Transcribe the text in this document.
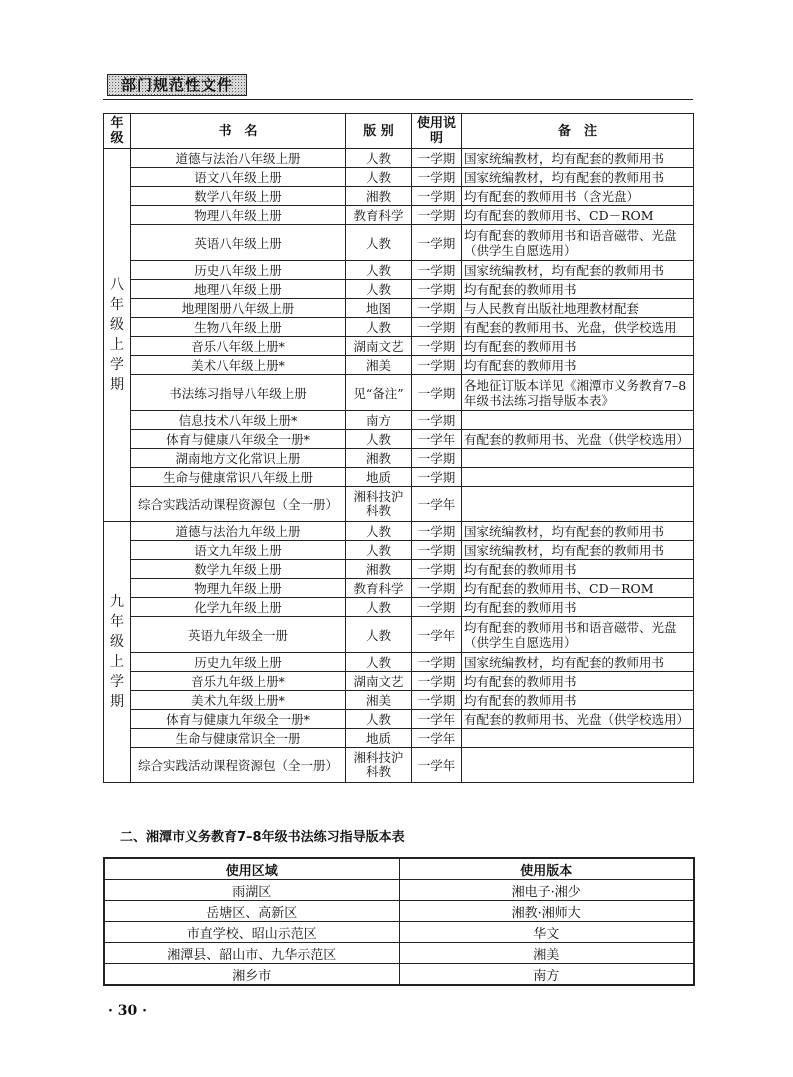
部门规范性文件
年级	书　名	版 别	使用说明	备　注
八年级上学期	道德与法治八年级上册	人教	一学期	国家统编教材，均有配套的教师用书
	语文八年级上册	人教	一学期	国家统编教材，均有配套的教师用书
	数学八年级上册	湘教	一学期	均有配套的教师用书（含光盘）
	物理八年级上册	教育科学	一学期	均有配套的教师用书、CD－ROM
	英语八年级上册	人教	一学期	均有配套的教师用书和语音磁带、光盘（供学生自愿选用）
	历史八年级上册	人教	一学期	国家统编教材，均有配套的教师用书
	地理八年级上册	人教	一学期	均有配套的教师用书
	地理图册八年级上册	地图	一学期	与人民教育出版社地理教材配套
	生物八年级上册	人教	一学期	有配套的教师用书、光盘，供学校选用
	音乐八年级上册*	湖南文艺	一学期	均有配套的教师用书
	美术八年级上册*	湘美	一学期	均有配套的教师用书
	书法练习指导八年级上册	见“备注”	一学期	各地征订版本详见《湘潭市义务教育7–8年级书法练习指导版本表》
	信息技术八年级上册*	南方	一学期	
	体育与健康八年级全一册*	人教	一学年	有配套的教师用书、光盘（供学校选用）
	湖南地方文化常识上册	湘教	一学期	
	生命与健康常识八年级上册	地质	一学期	
	综合实践活动课程资源包（全一册）	湘科技沪科教	一学年	
九年级上学期	道德与法治九年级上册	人教	一学期	国家统编教材，均有配套的教师用书
	语文九年级上册	人教	一学期	国家统编教材，均有配套的教师用书
	数学九年级上册	湘教	一学期	均有配套的教师用书
	物理九年级上册	教育科学	一学期	均有配套的教师用书、CD－ROM
	化学九年级上册	人教	一学期	均有配套的教师用书
	英语九年级全一册	人教	一学年	均有配套的教师用书和语音磁带、光盘（供学生自愿选用）
	历史九年级上册	人教	一学期	国家统编教材，均有配套的教师用书
	音乐九年级上册*	湖南文艺	一学期	均有配套的教师用书
	美术九年级上册*	湘美	一学期	均有配套的教师用书
	体育与健康九年级全一册*	人教	一学年	有配套的教师用书、光盘（供学校选用）
	生命与健康常识全一册	地质	一学年	
	综合实践活动课程资源包（全一册）	湘科技沪科教	一学年	
二、湘潭市义务教育7–8年级书法练习指导版本表
使用区域	使用版本
雨湖区	湘电子·湘少
岳塘区、高新区	湘教·湘师大
市直学校、昭山示范区	华文
湘潭县、韶山市、九华示范区	湘美
湘乡市	南方
· 30 ·
